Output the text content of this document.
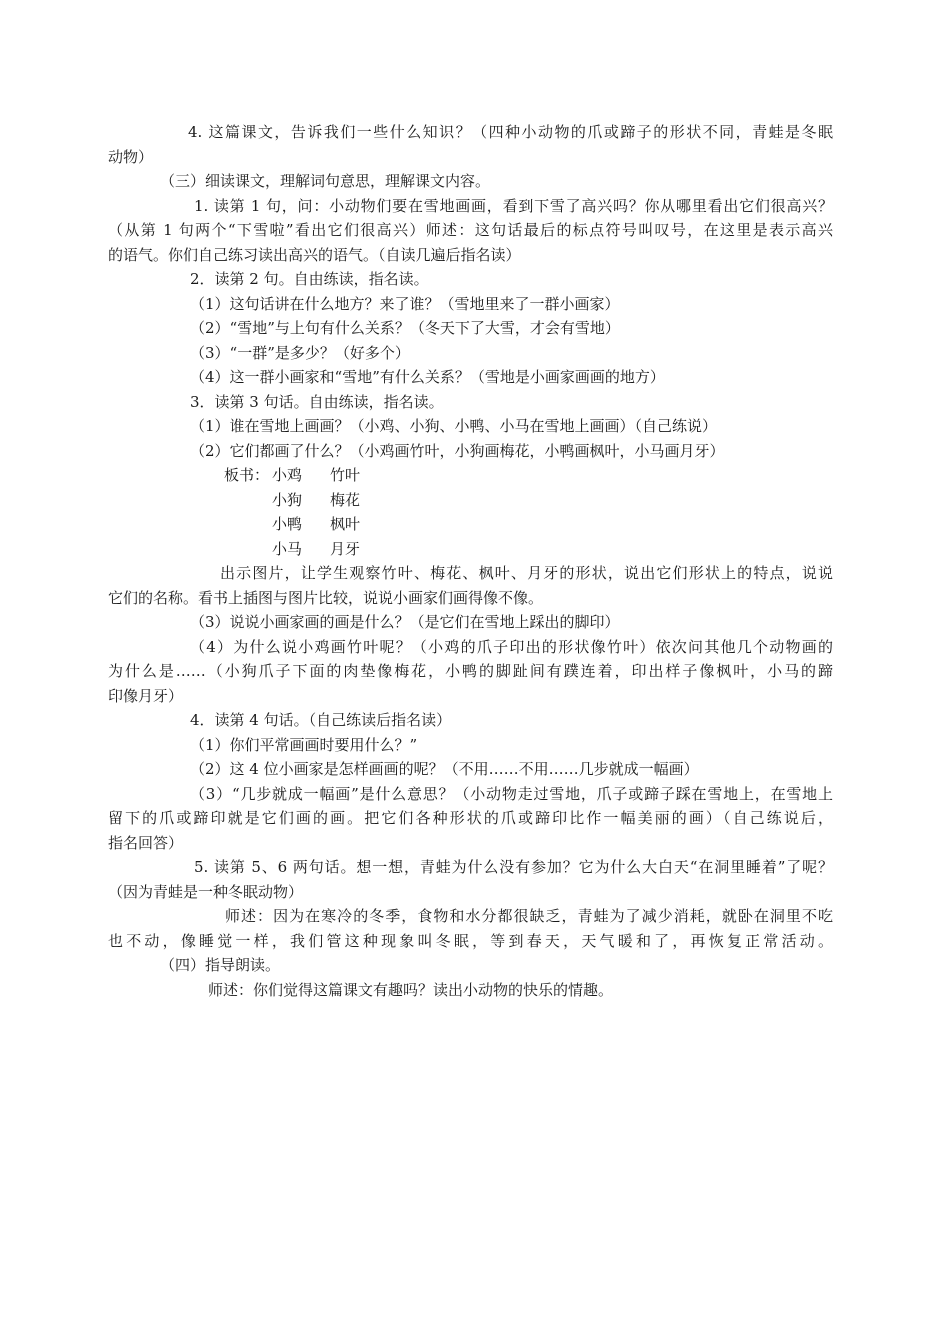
4. 这篇课文，告诉我们一些什么知识？（四种小动物的爪或蹄子的形状不同，青蛙是冬眠
动物）
（三）细读课文，理解词句意思，理解课文内容。
1. 读第 1 句，问：小动物们要在雪地画画，看到下雪了高兴吗？你从哪里看出它们很高兴？
（从第 1 句两个“下雪啦”看出它们很高兴）师述：这句话最后的标点符号叫叹号，在这里是表示高兴
的语气。你们自己练习读出高兴的语气。（自读几遍后指名读）
2．读第 2 句。自由练读，指名读。
（1）这句话讲在什么地方？来了谁？（雪地里来了一群小画家）
（2）“雪地”与上句有什么关系？（冬天下了大雪，才会有雪地）
（3）“一群”是多少？（好多个）
（4）这一群小画家和“雪地”有什么关系？（雪地是小画家画画的地方）
3．读第 3 句话。自由练读，指名读。
（1）谁在雪地上画画？（小鸡、小狗、小鸭、小马在雪地上画画）（自己练说）
（2）它们都画了什么？（小鸡画竹叶，小狗画梅花，小鸭画枫叶，小马画月牙）
板书： 小鸡	竹叶
小狗	梅花
小鸭	枫叶
小马	月牙
出示图片，让学生观察竹叶、梅花、枫叶、月牙的形状，说出它们形状上的特点，说说
它们的名称。看书上插图与图片比较，说说小画家们画得像不像。
（3）说说小画家画的画是什么？（是它们在雪地上踩出的脚印）
（4）为什么说小鸡画竹叶呢？（小鸡的爪子印出的形状像竹叶）依次问其他几个动物画的
为什么是……（小狗爪子下面的肉垫像梅花，小鸭的脚趾间有蹼连着，印出样子像枫叶，小马的蹄
印像月牙）
4．读第 4 句话。（自己练读后指名读）
（1）你们平常画画时要用什么？”
（2）这 4 位小画家是怎样画画的呢？（不用……不用……几步就成一幅画）
（3）“几步就成一幅画”是什么意思？（小动物走过雪地，爪子或蹄子踩在雪地上，在雪地上
留下的爪或蹄印就是它们画的画。把它们各种形状的爪或蹄印比作一幅美丽的画）（自己练说后，
指名回答）
5. 读第 5、6 两句话。想一想，青蛙为什么没有参加？它为什么大白天“在洞里睡着”了呢？
（因为青蛙是一种冬眠动物）
师述：因为在寒冷的冬季，食物和水分都很缺乏，青蛙为了减少消耗，就卧在洞里不吃
也不动，像睡觉一样，我们管这种现象叫冬眠，等到春天，天气暖和了，再恢复正常活动。
（四）指导朗读。
师述：你们觉得这篇课文有趣吗？读出小动物的快乐的情趣。
